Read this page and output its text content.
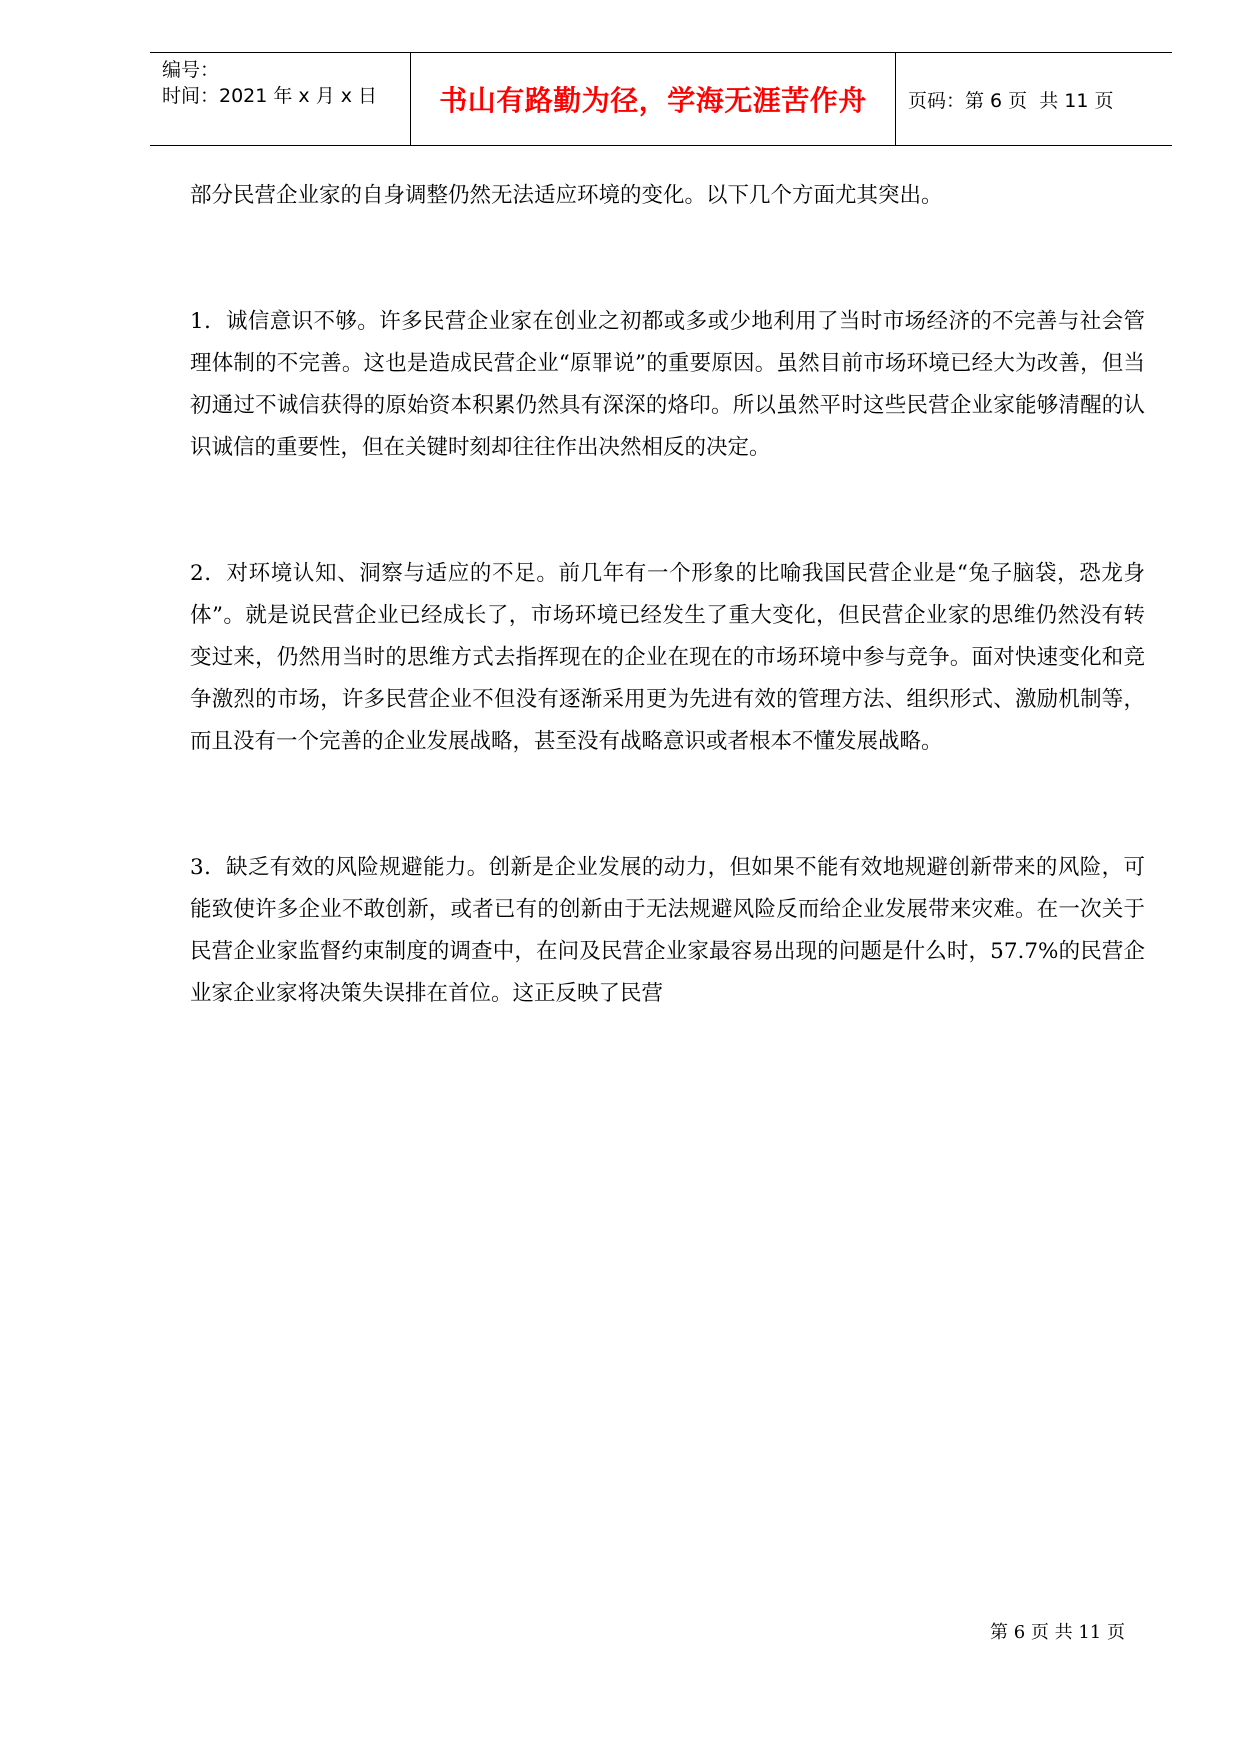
编号：
时间：2021 年 x 月 x 日	书山有路勤为径，学海无涯苦作舟	页码：第 6 页  共 11 页

部分民营企业家的自身调整仍然无法适应环境的变化。以下几个方面尤其突出。

1．诚信意识不够。许多民营企业家在创业之初都或多或少地利用了当时市场经济的不完善与社会管理体制的不完善。这也是造成民营企业“原罪说”的重要原因。虽然目前市场环境已经大为改善，但当初通过不诚信获得的原始资本积累仍然具有深深的烙印。所以虽然平时这些民营企业家能够清醒的认识诚信的重要性，但在关键时刻却往往作出决然相反的决定。

2．对环境认知、洞察与适应的不足。前几年有一个形象的比喻我国民营企业是“兔子脑袋，恐龙身体”。就是说民营企业已经成长了，市场环境已经发生了重大变化，但民营企业家的思维仍然没有转变过来，仍然用当时的思维方式去指挥现在的企业在现在的市场环境中参与竞争。面对快速变化和竞争激烈的市场，许多民营企业不但没有逐渐采用更为先进有效的管理方法、组织形式、激励机制等，而且没有一个完善的企业发展战略，甚至没有战略意识或者根本不懂发展战略。

3．缺乏有效的风险规避能力。创新是企业发展的动力，但如果不能有效地规避创新带来的风险，可能致使许多企业不敢创新，或者已有的创新由于无法规避风险反而给企业发展带来灾难。在一次关于民营企业家监督约束制度的调查中，在问及民营企业家最容易出现的问题是什么时，57.7%的民营企业家企业家将决策失误排在首位。这正反映了民营

第 6 页 共 11 页
